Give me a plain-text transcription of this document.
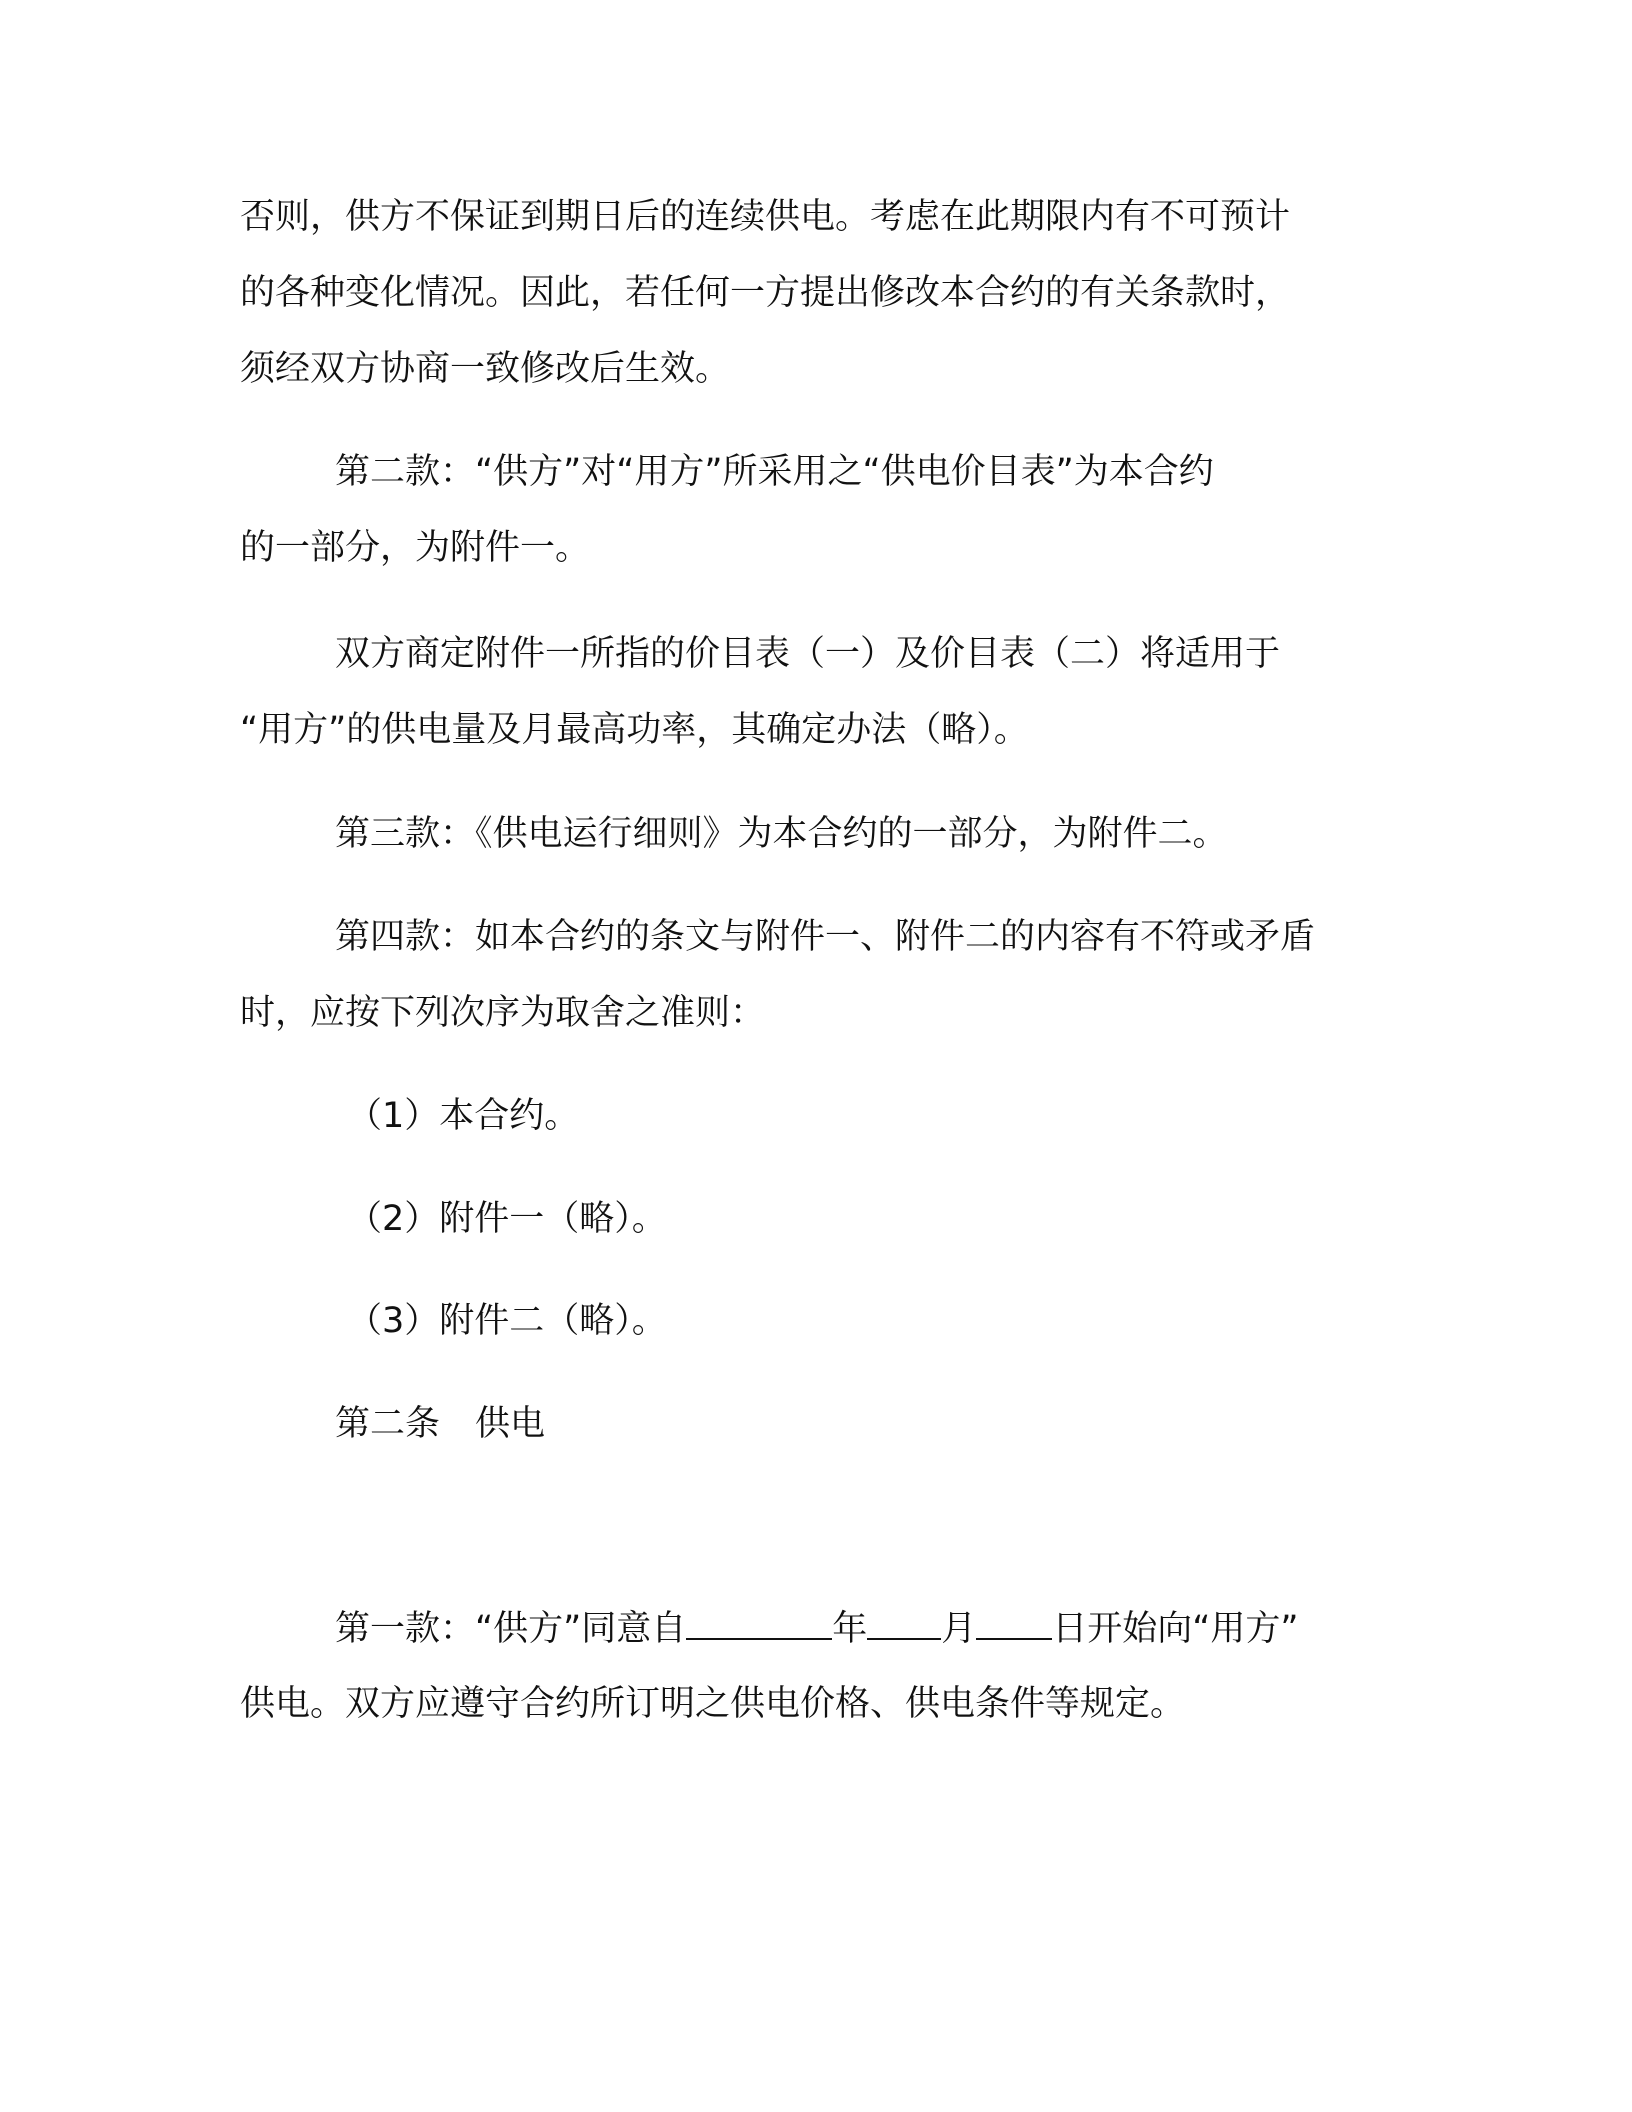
否则，供方不保证到期日后的连续供电。考虑在此期限内有不可预计
的各种变化情况。因此，若任何一方提出修改本合约的有关条款时，
须经双方协商一致修改后生效。
第二款：“供方”对“用方”所采用之“供电价目表”为本合约
的一部分，为附件一。
双方商定附件一所指的价目表（一）及价目表（二）将适用于
“用方”的供电量及月最高功率，其确定办法（略）。
第三款：《供电运行细则》为本合约的一部分，为附件二。
第四款：如本合约的条文与附件一、附件二的内容有不符或矛盾
时，应按下列次序为取舍之准则：
（1）本合约。
（2）附件一（略）。
（3）附件二（略）。
第二条　供电
第一款：“供方”同意自	年 月 日开始向“用方”
供电。双方应遵守合约所订明之供电价格、供电条件等规定。
